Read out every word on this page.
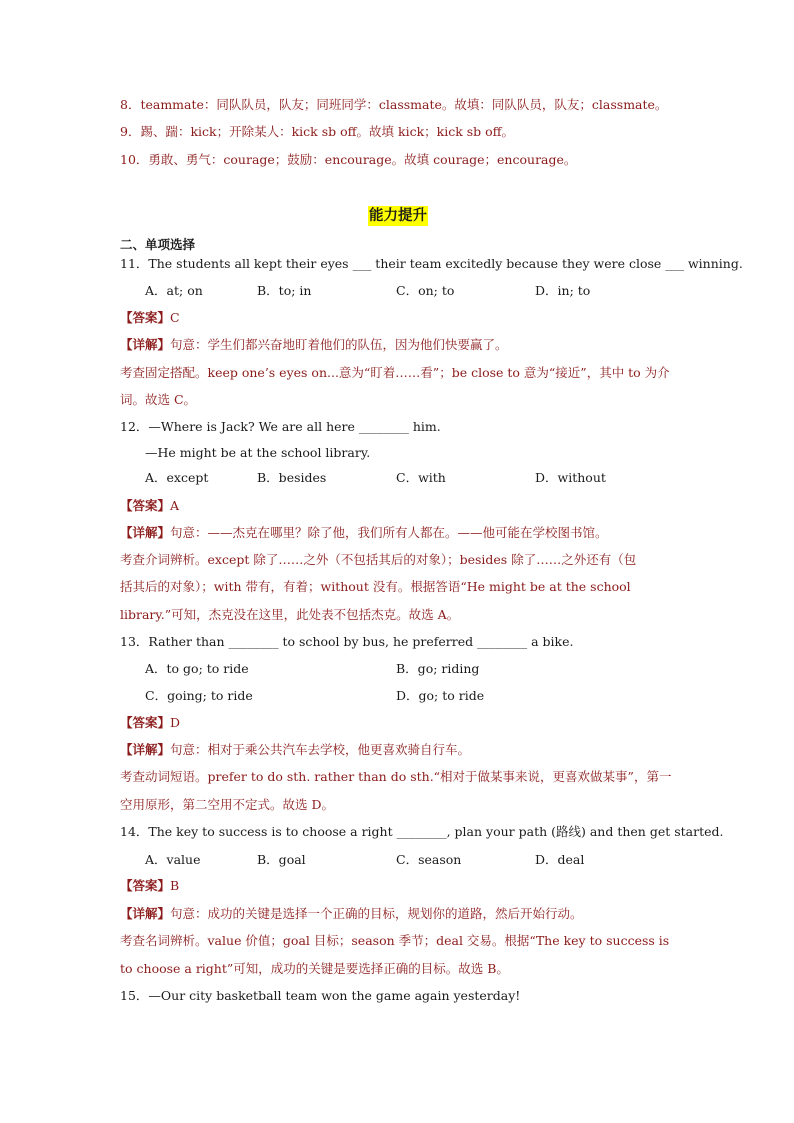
8．teammate：同队队员，队友；同班同学：classmate。故填：同队队员，队友；classmate。
9．踢、踹：kick；开除某人：kick sb off。故填 kick；kick sb off。
10．勇敢、勇气：courage；鼓励：encourage。故填 courage；encourage。
能力提升
二、单项选择
11．The students all kept their eyes ___ their team excitedly because they were close ___ winning.
A．at; on	B．to; in	C．on; to	D．in; to
【答案】C
【详解】句意：学生们都兴奋地盯着他们的队伍，因为他们快要赢了。
考查固定搭配。keep one’s eyes on...意为“盯着……看”；be close to 意为“接近”，其中 to 为介
词。故选 C。
12．—Where is Jack? We are all here ________ him.
—He might be at the school library.
A．except	B．besides	C．with	D．without
【答案】A
【详解】句意：——杰克在哪里？除了他，我们所有人都在。——他可能在学校图书馆。
考查介词辨析。except 除了……之外（不包括其后的对象）；besides 除了……之外还有（包
括其后的对象）；with 带有，有着；without 没有。根据答语“He might be at the school
library.”可知，杰克没在这里，此处表不包括杰克。故选 A。
13．Rather than ________ to school by bus, he preferred ________ a bike.
A．to go; to ride	B．go; riding
C．going; to ride	D．go; to ride
【答案】D
【详解】句意：相对于乘公共汽车去学校，他更喜欢骑自行车。
考查动词短语。prefer to do sth. rather than do sth.“相对于做某事来说，更喜欢做某事”，第一
空用原形，第二空用不定式。故选 D。
14．The key to success is to choose a right ________, plan your path (路线) and then get started.
A．value	B．goal	C．season	D．deal
【答案】B
【详解】句意：成功的关键是选择一个正确的目标，规划你的道路，然后开始行动。
考查名词辨析。value 价值；goal 目标；season 季节；deal 交易。根据“The key to success is
to choose a right”可知，成功的关键是要选择正确的目标。故选 B。
15．—Our city basketball team won the game again yesterday!
